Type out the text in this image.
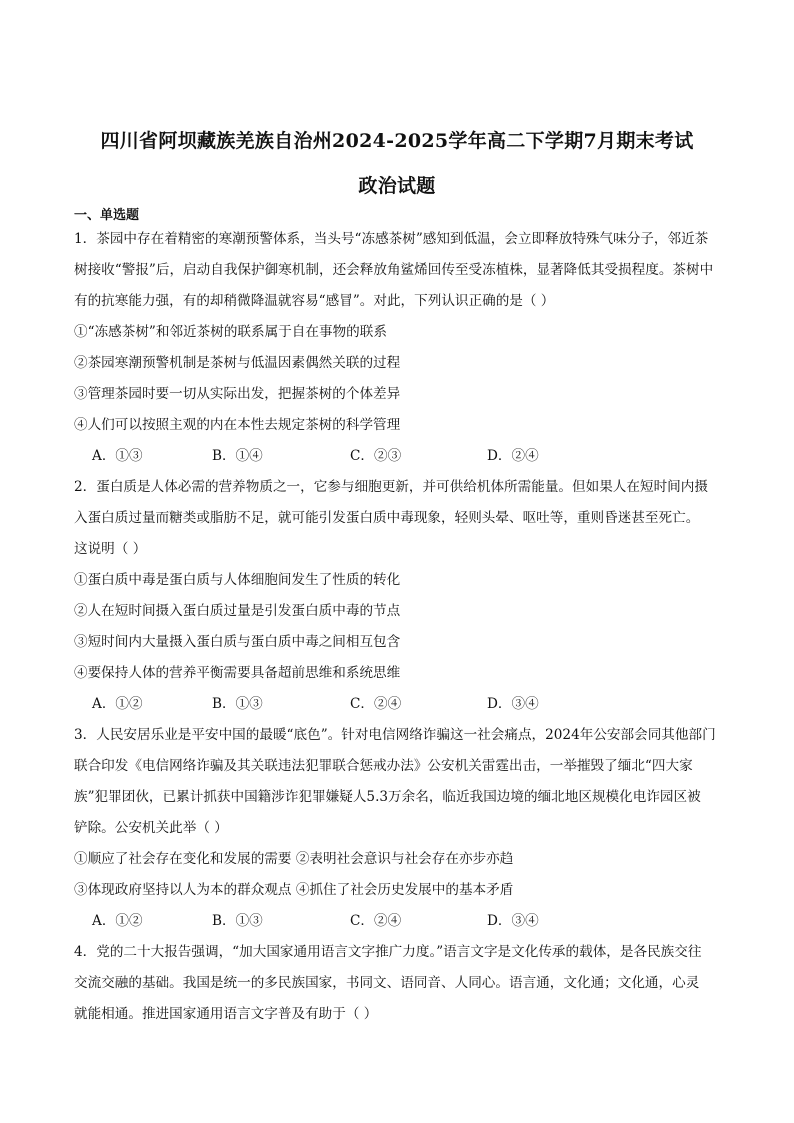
四川省阿坝藏族羌族自治州2024-2025学年高二下学期7月期末考试
政治试题
一、单选题
1．茶园中存在着精密的寒潮预警体系，当头号“冻感茶树”感知到低温，会立即释放特殊气味分子，邻近茶
树接收“警报”后，启动自我保护御寒机制，还会释放角鲨烯回传至受冻植株，显著降低其受损程度。茶树中
有的抗寒能力强，有的却稍微降温就容易“感冒”。对此，下列认识正确的是（ ）
①“冻感茶树”和邻近茶树的联系属于自在事物的联系
②茶园寒潮预警机制是茶树与低温因素偶然关联的过程
③管理茶园时要一切从实际出发，把握茶树的个体差异
④人们可以按照主观的内在本性去规定茶树的科学管理
A．①③	B．①④	C．②③	D．②④
2．蛋白质是人体必需的营养物质之一，它参与细胞更新，并可供给机体所需能量。但如果人在短时间内摄
入蛋白质过量而糖类或脂肪不足，就可能引发蛋白质中毒现象，轻则头晕、呕吐等，重则昏迷甚至死亡。
这说明（ ）
①蛋白质中毒是蛋白质与人体细胞间发生了性质的转化
②人在短时间摄入蛋白质过量是引发蛋白质中毒的节点
③短时间内大量摄入蛋白质与蛋白质中毒之间相互包含
④要保持人体的营养平衡需要具备超前思维和系统思维
A．①②	B．①③	C．②④	D．③④
3．人民安居乐业是平安中国的最暖“底色”。针对电信网络诈骗这一社会痛点，2024年公安部会同其他部门
联合印发《电信网络诈骗及其关联违法犯罪联合惩戒办法》公安机关雷霆出击，一举摧毁了缅北“四大家
族”犯罪团伙，已累计抓获中国籍涉诈犯罪嫌疑人5.3万余名，临近我国边境的缅北地区规模化电诈园区被
铲除。公安机关此举（ ）
①顺应了社会存在变化和发展的需要 ②表明社会意识与社会存在亦步亦趋
③体现政府坚持以人为本的群众观点 ④抓住了社会历史发展中的基本矛盾
A．①②	B．①③	C．②④	D．③④
4．党的二十大报告强调，“加大国家通用语言文字推广力度。”语言文字是文化传承的载体，是各民族交往
交流交融的基础。我国是统一的多民族国家，书同文、语同音、人同心。语言通，文化通；文化通，心灵
就能相通。推进国家通用语言文字普及有助于（ ）
